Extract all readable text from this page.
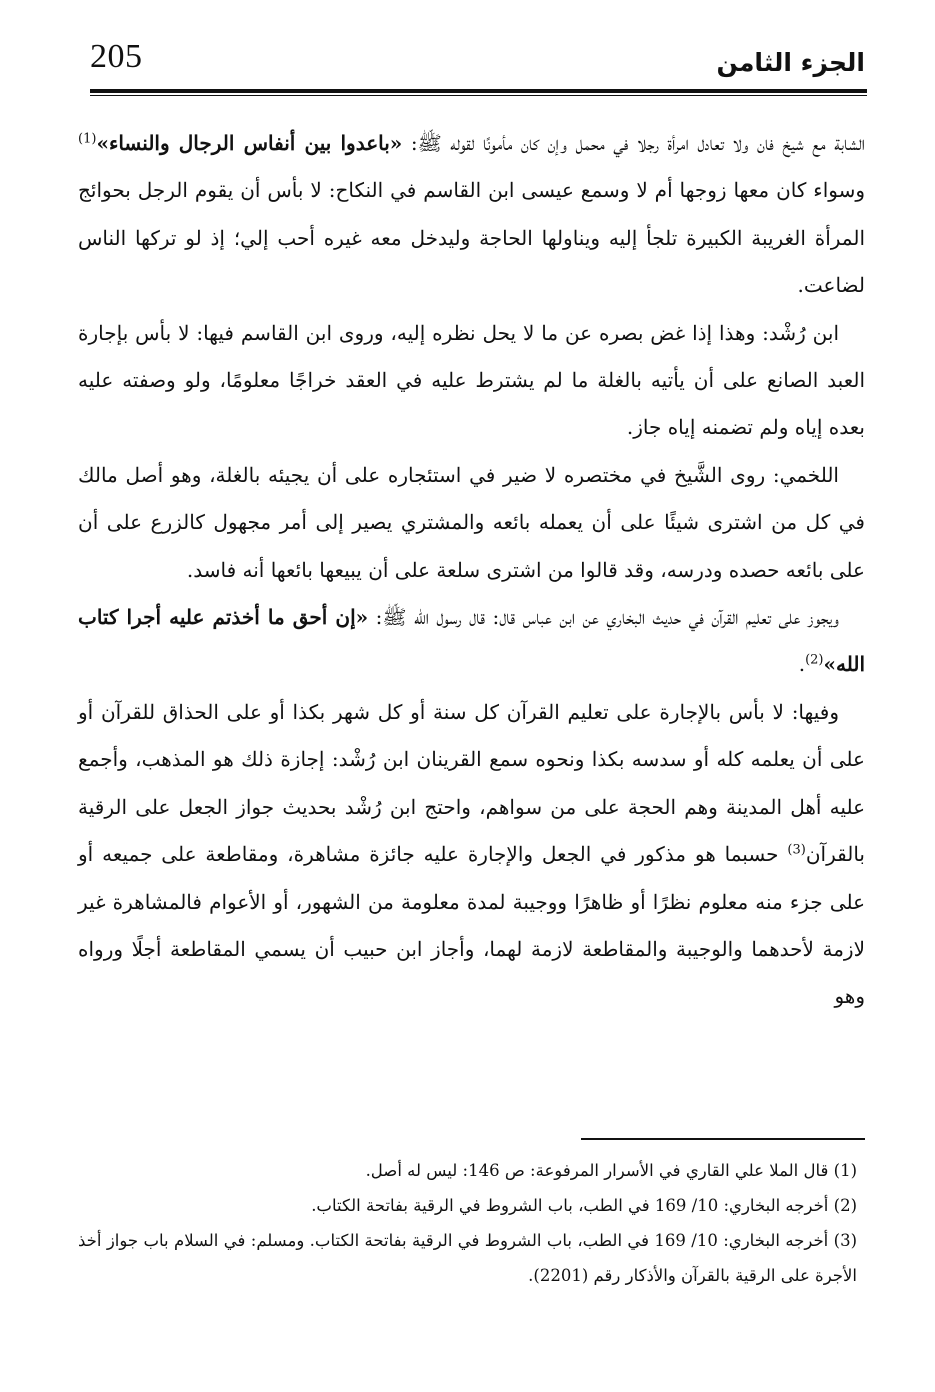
205	الجزء الثامن

الشابة مع شيخ فان ولا تعادل امرأة رجلا في محمل وإن كان مأمونًا لقوله ﷺ: «باعدوا بين أنفاس الرجال والنساء»$^{(1)}$ وسواء كان معها زوجها أم لا وسمع عيسى ابن القاسم في النكاح: لا بأس أن يقوم الرجل بحوائج المرأة الغريبة الكبيرة تلجأ إليه ويناولها الحاجة وليدخل معه غيره أحب إلي؛ إذ لو تركها الناس لضاعت.

ابن رُشْد: وهذا إذا غض بصره عن ما لا يحل نظره إليه، وروى ابن القاسم فيها: لا بأس بإجارة العبد الصانع على أن يأتيه بالغلة ما لم يشترط عليه في العقد خراجًا معلومًا، ولو وصفته عليه بعده إياه ولم تضمنه إياه جاز.

اللخمي: روى الشَّيخ في مختصره لا ضير في استئجاره على أن يجيئه بالغلة، وهو أصل مالك في كل من اشترى شيئًا على أن يعمله بائعه والمشتري يصير إلى أمر مجهول كالزرع على أن على بائعه حصده ودرسه، وقد قالوا من اشترى سلعة على أن يبيعها بائعها أنه فاسد.

ويجوز على تعليم القرآن في حديث البخاري عن ابن عباس قال: قال رسول الله ﷺ: «إن أحق ما أخذتم عليه أجرا كتاب الله»$^{(2)}$.

وفيها: لا بأس بالإجارة على تعليم القرآن كل سنة أو كل شهر بكذا أو على الحذاق للقرآن أو على أن يعلمه كله أو سدسه بكذا ونحوه سمع القرينان ابن رُشْد: إجازة ذلك هو المذهب، وأجمع عليه أهل المدينة وهم الحجة على من سواهم، واحتج ابن رُشْد بحديث جواز الجعل على الرقية بالقرآن$^{(3)}$ حسبما هو مذكور في الجعل والإجارة عليه جائزة مشاهرة، ومقاطعة على جميعه أو على جزء منه معلوم نظرًا أو ظاهرًا ووجيبة لمدة معلومة من الشهور، أو الأعوام فالمشاهرة غير لازمة لأحدهما والوجيبة والمقاطعة لازمة لهما، وأجاز ابن حبيب أن يسمي المقاطعة أجلًا ورواه وهو

(1) قال الملا علي القاري في الأسرار المرفوعة: ص 146: ليس له أصل.

(2) أخرجه البخاري: 10/ 169 في الطب، باب الشروط في الرقية بفاتحة الكتاب.

(3) أخرجه البخاري: 10/ 169 في الطب، باب الشروط في الرقية بفاتحة الكتاب. ومسلم: في السلام باب جواز أخذ الأجرة على الرقية بالقرآن والأذكار رقم (2201).
